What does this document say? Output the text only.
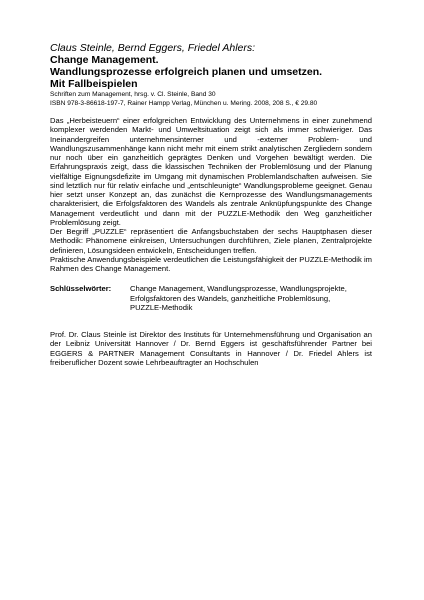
Claus Steinle, Bernd Eggers, Friedel Ahlers:

Change Management.

Wandlungsprozesse erfolgreich planen und umsetzen.

Mit Fallbeispielen

Schriften zum Management, hrsg. v. Cl. Steinle, Band 30

ISBN 978-3-86618-197-7, Rainer Hampp Verlag, München u. Mering. 2008, 208 S., € 29.80

Das „Herbeisteuern“ einer erfolgreichen Entwicklung des Unternehmens in einer zunehmend komplexer werdenden Markt- und Umweltsituation zeigt sich als immer schwieriger. Das Ineinandergreifen unternehmensinterner und -externer Problem- und Wandlungszusammenhänge kann nicht mehr mit einem strikt analytischen Zergliedern sondern nur noch über ein ganzheitlich geprägtes Denken und Vorgehen bewältigt werden. Die Erfahrungspraxis zeigt, dass die klassischen Techniken der Problemlösung und der Planung vielfältige Eignungsdefizite im Umgang mit dynamischen Problemlandschaften aufweisen. Sie sind letztlich nur für relativ einfache und „entschleunigte“ Wandlungsprobleme geeignet. Genau hier setzt unser Konzept an, das zunächst die Kernprozesse des Wandlungsmanagements charakterisiert, die Erfolgsfaktoren des Wandels als zentrale Anknüpfungspunkte des Change Management verdeutlicht und dann mit der PUZZLE-Methodik den Weg ganzheitlicher Problemlösung zeigt.

Der Begriff „PUZZLE“ repräsentiert die Anfangsbuchstaben der sechs Hauptphasen dieser Methodik: Phänomene einkreisen, Untersuchungen durchführen, Ziele planen, Zentralprojekte definieren, Lösungsideen entwickeln, Entscheidungen treffen.

Praktische Anwendungsbeispiele verdeutlichen die Leistungsfähigkeit der PUZZLE-Methodik im Rahmen des Change Management.

Schlüsselwörter:	Change Management, Wandlungsprozesse, Wandlungsprojekte,
Erfolgsfaktoren des Wandels, ganzheitliche Problemlösung,
PUZZLE-Methodik

Prof. Dr. Claus Steinle ist Direktor des Instituts für Unternehmensführung und Organisation an der Leibniz Universität Hannover / Dr. Bernd Eggers ist geschäftsführender Partner bei EGGERS & PARTNER Management Consultants in Hannover / Dr. Friedel Ahlers ist freiberuflicher Dozent sowie Lehrbeauftragter an Hochschulen
